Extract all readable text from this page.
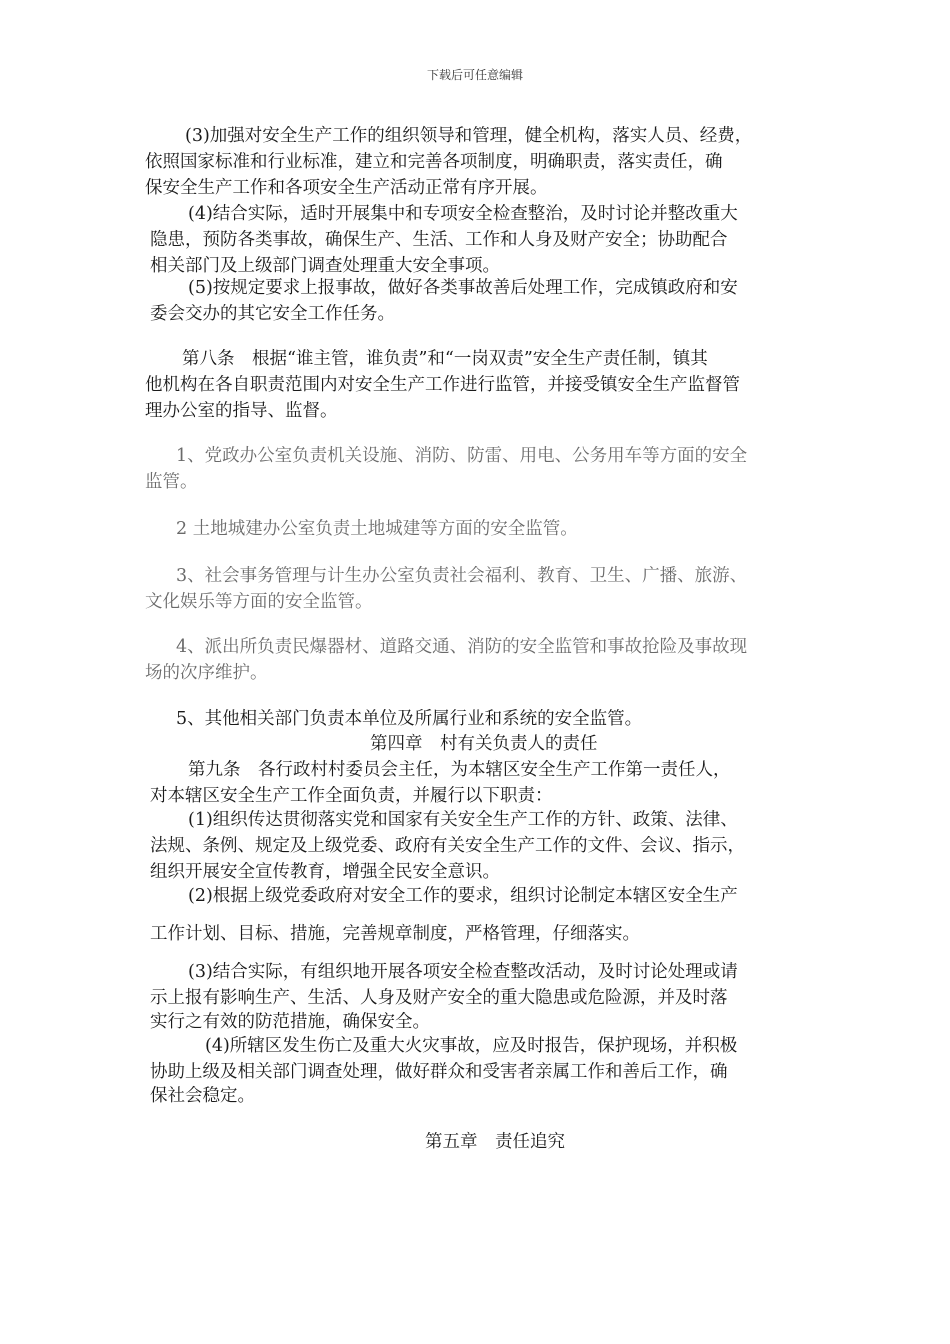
下载后可任意编辑

(3)加强对安全生产工作的组织领导和管理，健全机构，落实人员、经费，

依照国家标准和行业标准，建立和完善各项制度，明确职责，落实责任，确

保安全生产工作和各项安全生产活动正常有序开展。

(4)结合实际，适时开展集中和专项安全检查整治，及时讨论并整改重大

隐患，预防各类事故，确保生产、生活、工作和人身及财产安全；协助配合

相关部门及上级部门调查处理重大安全事项。

(5)按规定要求上报事故，做好各类事故善后处理工作，完成镇政府和安

委会交办的其它安全工作任务。

第八条　根据“谁主管，谁负责”和“一岗双责”安全生产责任制，镇其

他机构在各自职责范围内对安全生产工作进行监管，并接受镇安全生产监督管

理办公室的指导、监督。

1、党政办公室负责机关设施、消防、防雷、用电、公务用车等方面的安全

监管。

2 土地城建办公室负责土地城建等方面的安全监管。

3、社会事务管理与计生办公室负责社会福利、教育、卫生、广播、旅游、

文化娱乐等方面的安全监管。

4、派出所负责民爆器材、道路交通、消防的安全监管和事故抢险及事故现

场的次序维护。

5、其他相关部门负责本单位及所属行业和系统的安全监管。

第四章　村有关负责人的责任

第九条　各行政村村委员会主任，为本辖区安全生产工作第一责任人，

对本辖区安全生产工作全面负责，并履行以下职责：

(1)组织传达贯彻落实党和国家有关安全生产工作的方针、政策、法律、

法规、条例、规定及上级党委、政府有关安全生产工作的文件、会议、指示，

组织开展安全宣传教育，增强全民安全意识。

(2)根据上级党委政府对安全工作的要求，组织讨论制定本辖区安全生产

工作计划、目标、措施，完善规章制度，严格管理，仔细落实。

(3)结合实际，有组织地开展各项安全检查整改活动，及时讨论处理或请

示上报有影响生产、生活、人身及财产安全的重大隐患或危险源，并及时落

实行之有效的防范措施，确保安全。

(4)所辖区发生伤亡及重大火灾事故，应及时报告，保护现场，并积极

协助上级及相关部门调查处理，做好群众和受害者亲属工作和善后工作，确

保社会稳定。

第五章　责任追究
